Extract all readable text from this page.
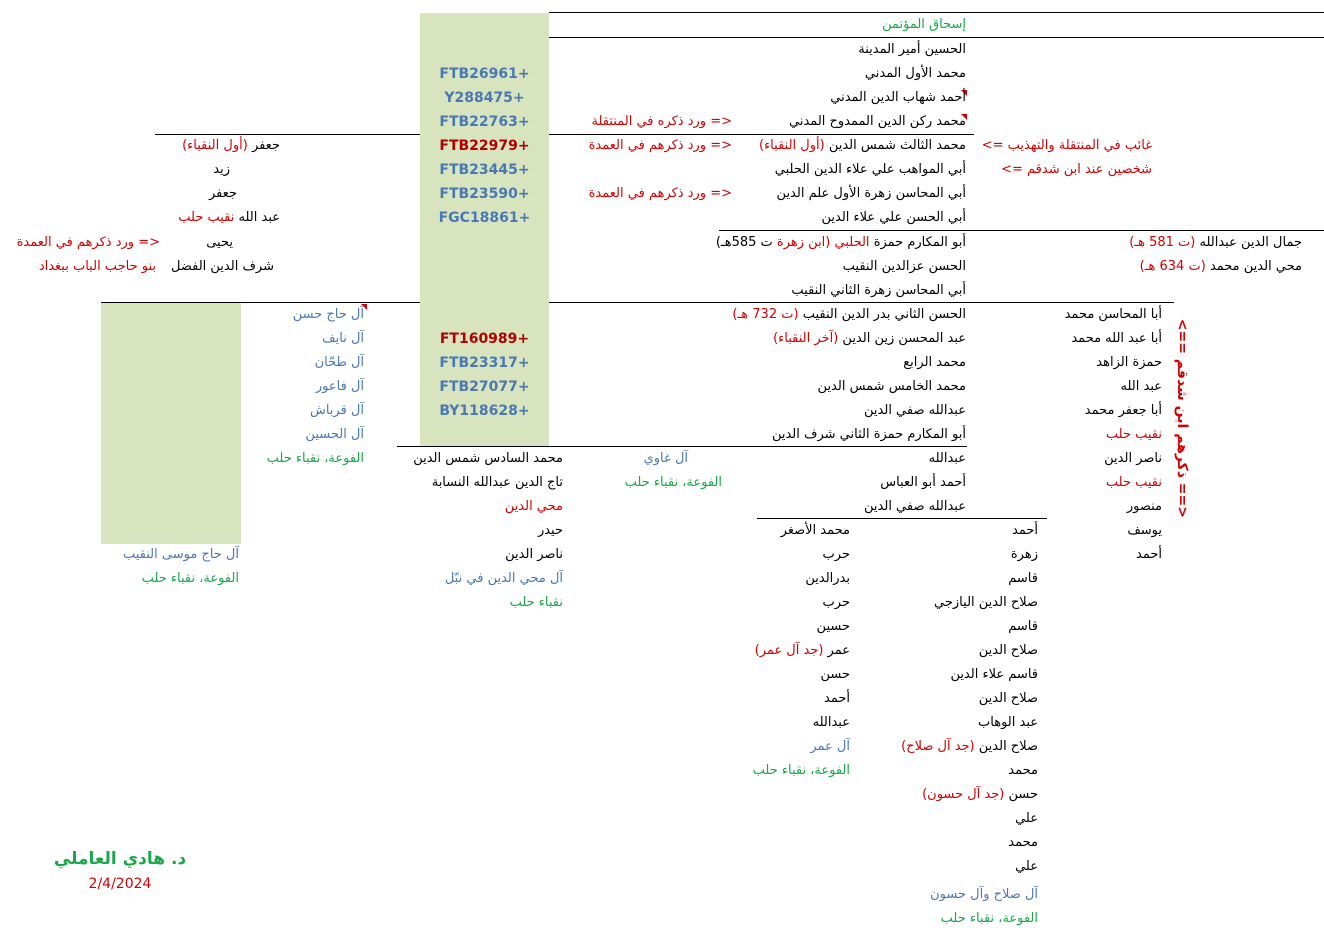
إسحاق المؤتمن
الحسين أمير المدينة
محمد الأول المدني
أحمد شهاب الدين المدني
محمد ركن الدين الممدوح المدني
<= ورد ذكره في المنتقلة
محمد الثالث شمس الدين (أول النقباء)
<= ورد ذكرهم في العمدة	غائب في المنتقلة والتهذيب =>
أبي المواهب علي علاء الدين الحلبي	شخصين عند ابن شدقم =>
أبي المحاسن زهرة الأول علم الدين
<= ورد ذكرهم في العمدة
أبي الحسن علي علاء الدين
FTB26961+
Y288475+
FTB22763+
FTB22979+
FTB23445+
FTB23590+
FGC18861+
جعفر (أول النقباء)
زيد
جعفر
عبد الله نقيب حلب
يحيى
<= ورد ذكرهم في العمدة
شرف الدين الفضل
بنو حاجب الباب ببغداد
أبو المكارم حمزة الحلبي (ابن زهرة ت 585هـ)
الحسن عزالدين النقيب
أبي المحاسن زهرة الثاني النقيب
جمال الدين عبدالله (ت 581 هـ)
محي الدين محمد (ت 634 هـ)
الحسن الثاني بدر الدين النقيب (ت 732 هـ)
عبد المحسن زين الدين (آخر النقباء)
محمد الرابع
محمد الخامس شمس الدين
عبدالله صفي الدين
أبو المكارم حمزة الثاني شرف الدين
عبدالله
أحمد أبو العباس
عبدالله صفي الدين
FT160989+
FTB23317+
FTB27077+
BY118628+
آل حاج حسن
آل نايف
آل طحّان
آل فاعور
آل قرباش
آل الحسين
الفوعة، نقباء حلب
أبا المحاسن محمد
أبا عبد الله محمد
حمزة الزاهد
عبد الله
أبا جعفر محمد
نقيب حلب
ناصر الدين
نقيب حلب
منصور
يوسف
أحمد
<== ذكرهم ابن شدقم ==>
محمد السادس شمس الدين
تاج الدين عبدالله النسابة
محي الدين
حيدر
ناصر الدين
آل محي الدين في نبّل
نقباء حلب
آل غاوي
الفوعة، نقباء حلب
آل حاج موسى النقيب
الفوعة، نقباء حلب
محمد الأصغر
حرب
بدرالدين
حرب
حسين
عمر (جد آل عمر)
حسن
أحمد
عبدالله
آل عمر
الفوعة، نقباء حلب
أحمد
زهرة
قاسم
صلاح الدين اليازجي
قاسم
صلاح الدين
قاسم علاء الدين
صلاح الدين
عبد الوهاب
صلاح الدين (جد آل صلاح)
محمد
حسن (جد آل حسون)
علي
محمد
علي
آل صلاح وآل حسون
الفوعة، نقباء حلب
د. هادي العاملي
2/4/2024
